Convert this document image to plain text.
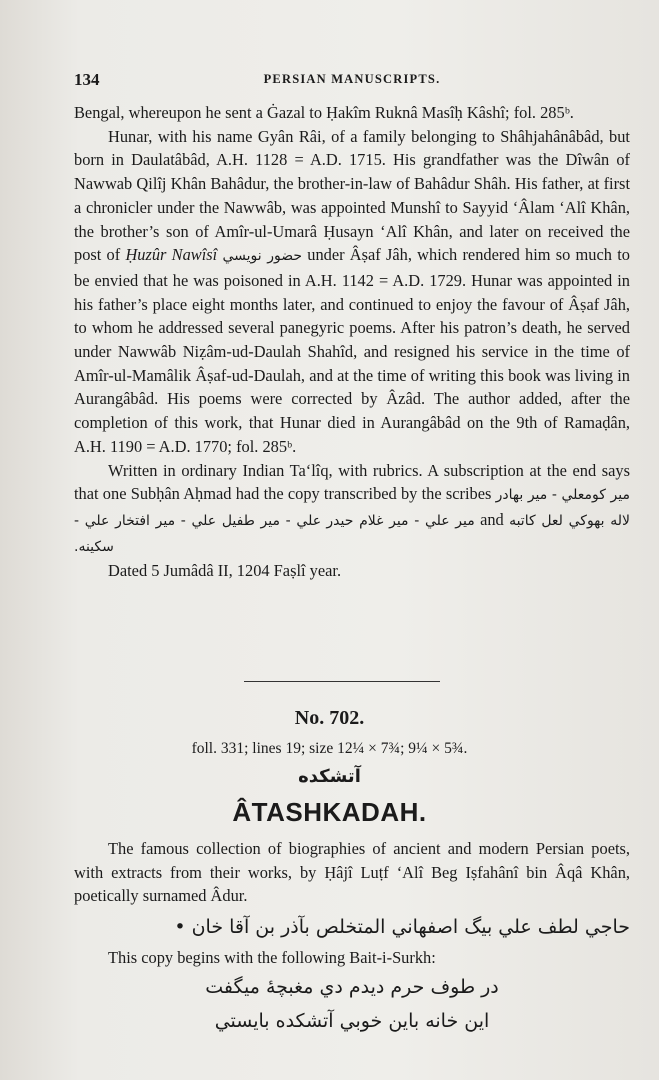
134	PERSIAN MANUSCRIPTS.

Bengal, whereupon he sent a Ġazal to Ḥakîm Ruknâ Masîḥ Kâshî; fol. 285ᵇ.

Hunar, with his name Gyân Râi, of a family belonging to Shâhjahânâbâd, but born in Daulatâbâd, A.H. 1128 = A.D. 1715. His grandfather was the Dîwân of Nawwab Qilîj Khân Bahâdur, the brother-in-law of Bahâdur Shâh. His father, at first a chronicler under the Nawwâb, was appointed Munshî to Sayyid ‘Âlam ‘Alî Khân, the brother’s son of Amîr-ul-Umarâ Ḥusayn ‘Alî Khân, and later on received the post of Ḥuzûr Nawîsî حضور نويسي under Âṣaf Jâh, which rendered him so much to be envied that he was poisoned in A.H. 1142 = A.D. 1729. Hunar was appointed in his father’s place eight months later, and continued to enjoy the favour of Âṣaf Jâh, to whom he addressed several panegyric poems. After his patron’s death, he served under Nawwâb Niẓâm-ud-Daulah Shahîd, and resigned his service in the time of Amîr-ul-Mamâlik Âṣaf-ud-Daulah, and at the time of writing this book was living in Aurangâbâd. His poems were corrected by Âzâd. The author added, after the completion of this work, that Hunar died in Aurangâbâd on the 9th of Ramaḍân, A.H. 1190 = A.D. 1770; fol. 285ᵇ.

Written in ordinary Indian Ta‘lîq, with rubrics. A subscription at the end says that one Subḥân Aḥmad had the copy transcribed by the scribes مير كومعلي - مير بهادر علي - مير طفيل علي - مير افتخار علي - مير علي - مير غلام حيدر and لاله بهوكي لعل كاتبه سكينه.

Dated 5 Jumâdâ II, 1204 Faṣlî year.

No. 702.
foll. 331; lines 19; size 12¼ × 7¾; 9¼ × 5¾.
آتشكده
ÂTASHKADAH.

The famous collection of biographies of ancient and modern Persian poets, with extracts from their works, by Ḥâjî Luṭf ‘Alî Beg Iṣfahânî bin Âqâ Khân, poetically surnamed Âdur.

حاجي لطف علي بيگ اصفهاني المتخلص بآذر بن آقا خان •
This copy begins with the following Bait-i-Surkh:
در طوف حرم ديدم دي مغبچهٔ ميگفت
اين خانه باين خوبي آتشكده بايستي
